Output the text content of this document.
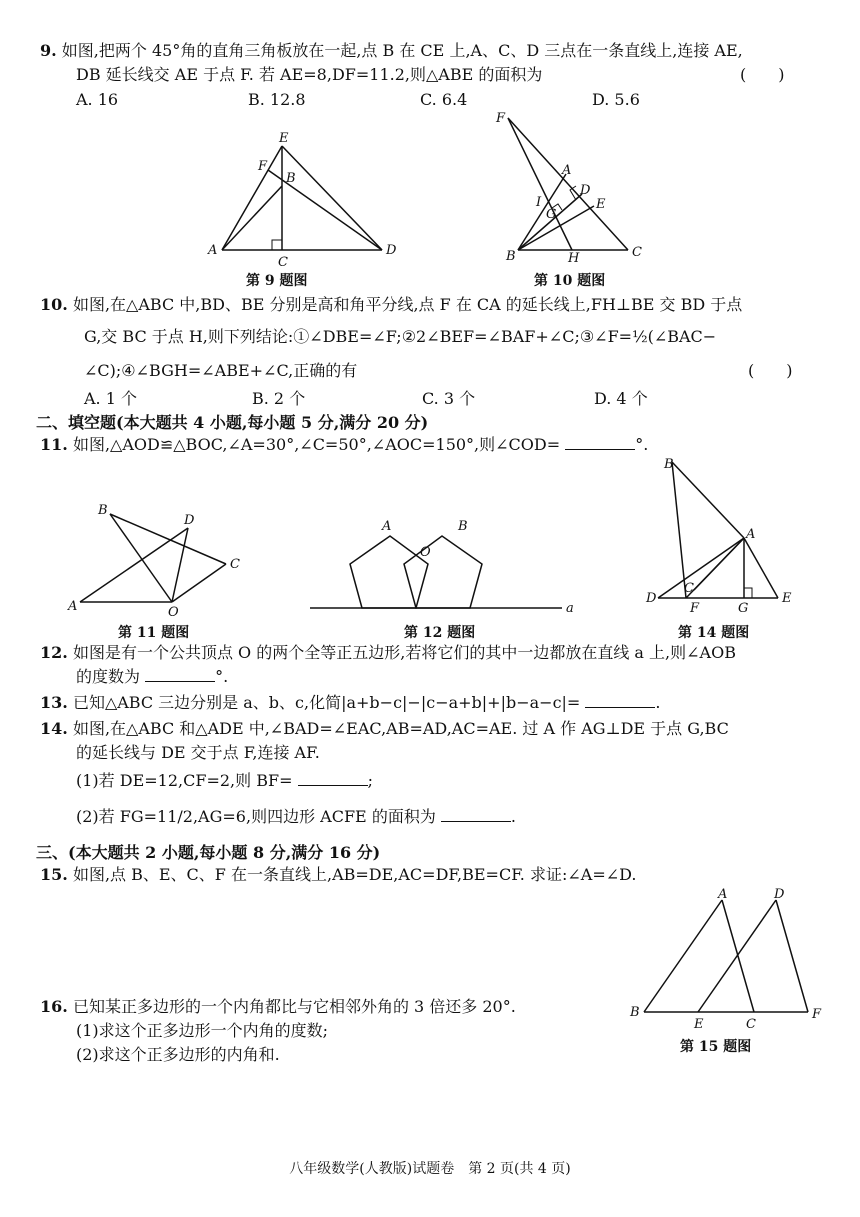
9. 如图,把两个 45°角的直角三角板放在一起,点 B 在 CE 上,A、C、D 三点在一条直线上,连接 AE,
DB 延长线交 AE 于点 F. 若 AE=8,DF=11.2,则△ABE 的面积为	(　　)
A. 16	B. 12.8	C. 6.4	D. 5.6
E
F
B
A
C
D
第 9 题图
F
A
D
E
I
G
B	H	C
第 10 题图
10. 如图,在△ABC 中,BD、BE 分别是高和角平分线,点 F 在 CA 的延长线上,FH⊥BE 交 BD 于点
G,交 BC 于点 H,则下列结论:①∠DBE=∠F;②2∠BEF=∠BAF+∠C;③∠F=½(∠BAC−
∠C);④∠BGH=∠ABE+∠C,正确的有	(　　)
A. 1 个	B. 2 个	C. 3 个	D. 4 个
二、填空题(本大题共 4 小题,每小题 5 分,满分 20 分)
11. 如图,△AOD≌△BOC,∠A=30°,∠C=50°,∠AOC=150°,则∠COD=	°.
B
D
C
A	O
第 11 题图
A	B
O
a
第 12 题图
B
A
C
D
F	G
E
第 14 题图
12. 如图是有一个公共顶点 O 的两个全等正五边形,若将它们的其中一边都放在直线 a 上,则∠AOB
的度数为	°.
13. 已知△ABC 三边分别是 a、b、c,化简|a+b−c|−|c−a+b|+|b−a−c|=	.
14. 如图,在△ABC 和△ADE 中,∠BAD=∠EAC,AB=AD,AC=AE. 过 A 作 AG⊥DE 于点 G,BC
的延长线与 DE 交于点 F,连接 AF.
(1)若 DE=12,CF=2,则 BF=	;
(2)若 FG=11/2,AG=6,则四边形 ACFE 的面积为	.
三、(本大题共 2 小题,每小题 8 分,满分 16 分)
15. 如图,点 B、E、C、F 在一条直线上,AB=DE,AC=DF,BE=CF. 求证:∠A=∠D.
A	D
B
E	C
F
第 15 题图
16. 已知某正多边形的一个内角都比与它相邻外角的 3 倍还多 20°.
(1)求这个正多边形一个内角的度数;
(2)求这个正多边形的内角和.
八年级数学(人教版)试题卷　第 2 页(共 4 页)
